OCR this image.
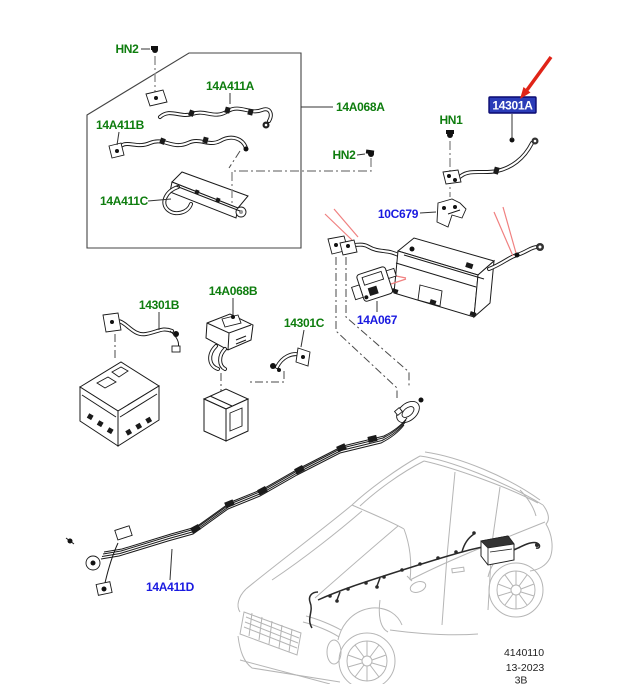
HN2
14A411A
14A411B
14A411C
14A068A
HN2
HN1
10C679
14A067
14301B
14A068B
14301C
14A411D
14301A
4140110
13-2023
3B
